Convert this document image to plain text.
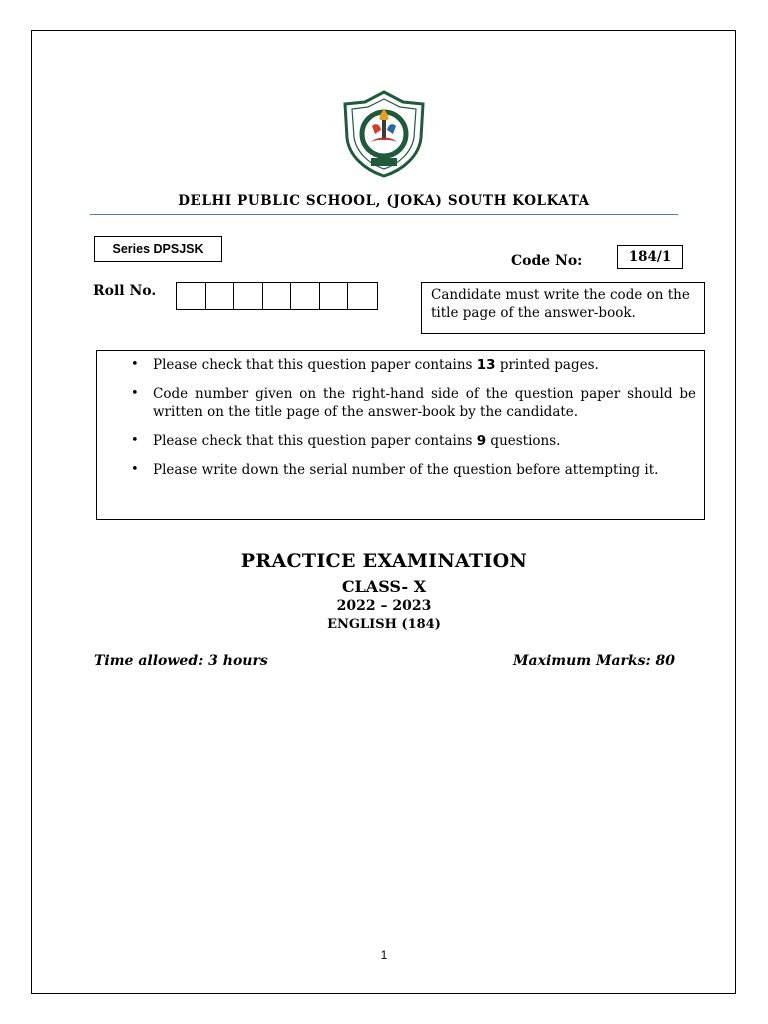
DELHI PUBLIC SCHOOL, (JOKA) SOUTH KOLKATA
Series DPSJSK
Code No:	184/1
Roll No.	Candidate must write the code on the title page of the answer-book.
• Please check that this question paper contains 13 printed pages.
• Code number given on the right-hand side of the question paper should be written on the title page of the answer-book by the candidate.
• Please check that this question paper contains 9 questions.
• Please write down the serial number of the question before attempting it.
PRACTICE EXAMINATION
CLASS- X
2022 – 2023
ENGLISH (184)
Time allowed: 3 hours	Maximum Marks: 80
1
